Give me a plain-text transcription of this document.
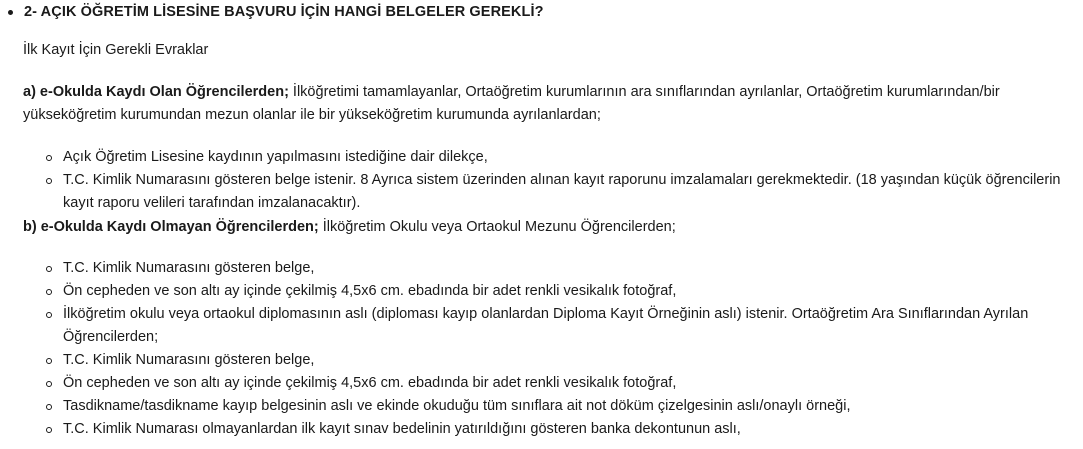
2- AÇIK ÖĞRETİM LİSESİNE BAŞVURU İÇİN HANGİ BELGELER GEREKLİ?

İlk Kayıt İçin Gerekli Evraklar

a) e-Okulda Kaydı Olan Öğrencilerden; İlköğretimi tamamlayanlar, Ortaöğretim kurumlarının ara sınıflarından ayrılanlar, Ortaöğretim kurumlarından/bir yükseköğretim kurumundan mezun olanlar ile bir yükseköğretim kurumunda ayrılanlardan;

Açık Öğretim Lisesine kaydının yapılmasını istediğine dair dilekçe,
T.C. Kimlik Numarasını gösteren belge istenir. 8 Ayrıca sistem üzerinden alınan kayıt raporunu imzalamaları gerekmektedir. (18 yaşından küçük öğrencilerin kayıt raporu velileri tarafından imzalanacaktır).

b) e-Okulda Kaydı Olmayan Öğrencilerden; İlköğretim Okulu veya Ortaokul Mezunu Öğrencilerden;

T.C. Kimlik Numarasını gösteren belge,
Ön cepheden ve son altı ay içinde çekilmiş 4,5x6 cm. ebadında bir adet renkli vesikalık fotoğraf,
İlköğretim okulu veya ortaokul diplomasının aslı (diploması kayıp olanlardan Diploma Kayıt Örneğinin aslı) istenir. Ortaöğretim Ara Sınıflarından Ayrılan Öğrencilerden;
T.C. Kimlik Numarasını gösteren belge,
Ön cepheden ve son altı ay içinde çekilmiş 4,5x6 cm. ebadında bir adet renkli vesikalık fotoğraf,
Tasdikname/tasdikname kayıp belgesinin aslı ve ekinde okuduğu tüm sınıflara ait not döküm çizelgesinin aslı/onaylı örneği,
T.C. Kimlik Numarası olmayanlardan ilk kayıt sınav bedelinin yatırıldığını gösteren banka dekontunun aslı,
